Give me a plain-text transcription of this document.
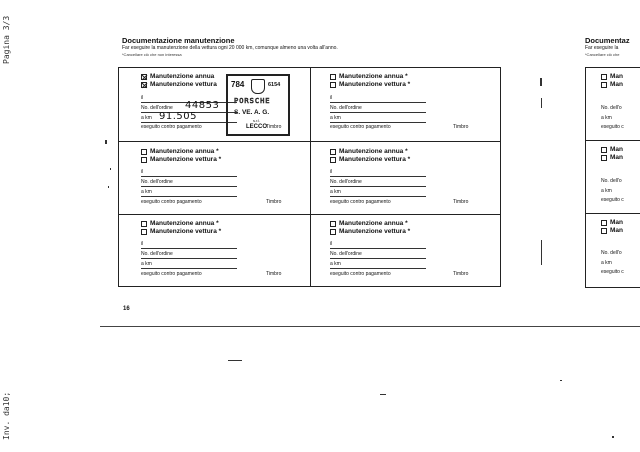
Pagina 3/3
Inv. da10;
Documentazione manutenzione
Far eseguire la manutenzione della vettura ogni 20 000 km, comunque almeno una volta all'anno.
*Cancellare ciò che non interessa
Manutenzione annua
Manutenzione vettura
il
No. dell'ordine 44853
a km 91.505
eseguito contro pagamento	Timbro
Manutenzione annua *
Manutenzione vettura *
il
No. dell'ordine
a km
eseguito contro pagamento	Timbro
Manutenzione annua *
Manutenzione vettura *
il
No. dell'ordine
a km
eseguito contro pagamento	Timbro
Manutenzione annua *
Manutenzione vettura *
il
No. dell'ordine
a km
eseguito contro pagamento	Timbro
Manutenzione annua *
Manutenzione vettura *
il
No. dell'ordine
a km
eseguito contro pagamento	Timbro
Manutenzione annua *
Manutenzione vettura *
il
No. dell'ordine
a km
eseguito contro pagamento	Timbro
784	6154
PORSCHE
S. VE. A. G.
s.r.l.
LECCO
16
Documentaz
Far eseguire la
*Cancellare ciò che
Man
Man
No. dell'o
a km
eseguito c
Man
Man
No. dell'o
a km
eseguito c
Man
Man
No. dell'o
a km
eseguito c
